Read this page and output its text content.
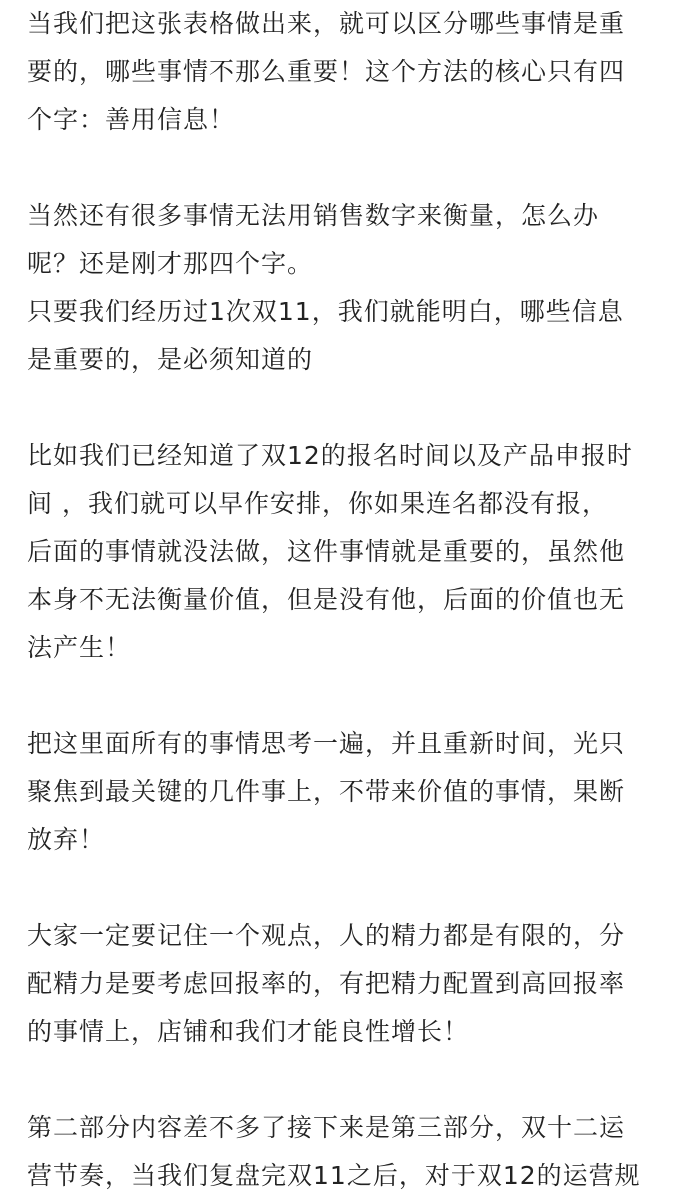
当我们把这张表格做出来，就可以区分哪些事情是重
要的，哪些事情不那么重要！这个方法的核心只有四
个字：善用信息！

当然还有很多事情无法用销售数字来衡量，怎么办
呢？还是刚才那四个字。
只要我们经历过1次双11，我们就能明白，哪些信息
是重要的，是必须知道的

比如我们已经知道了双12的报名时间以及产品申报时
间 ，我们就可以早作安排，你如果连名都没有报，
后面的事情就没法做，这件事情就是重要的，虽然他
本身不无法衡量价值，但是没有他，后面的价值也无
法产生！

把这里面所有的事情思考一遍，并且重新时间，光只
聚焦到最关键的几件事上，不带来价值的事情，果断
放弃！

大家一定要记住一个观点，人的精力都是有限的，分
配精力是要考虑回报率的，有把精力配置到高回报率
的事情上，店铺和我们才能良性增长！

第二部分内容差不多了接下来是第三部分，双十二运
营节奏，当我们复盘完双11之后，对于双12的运营规
